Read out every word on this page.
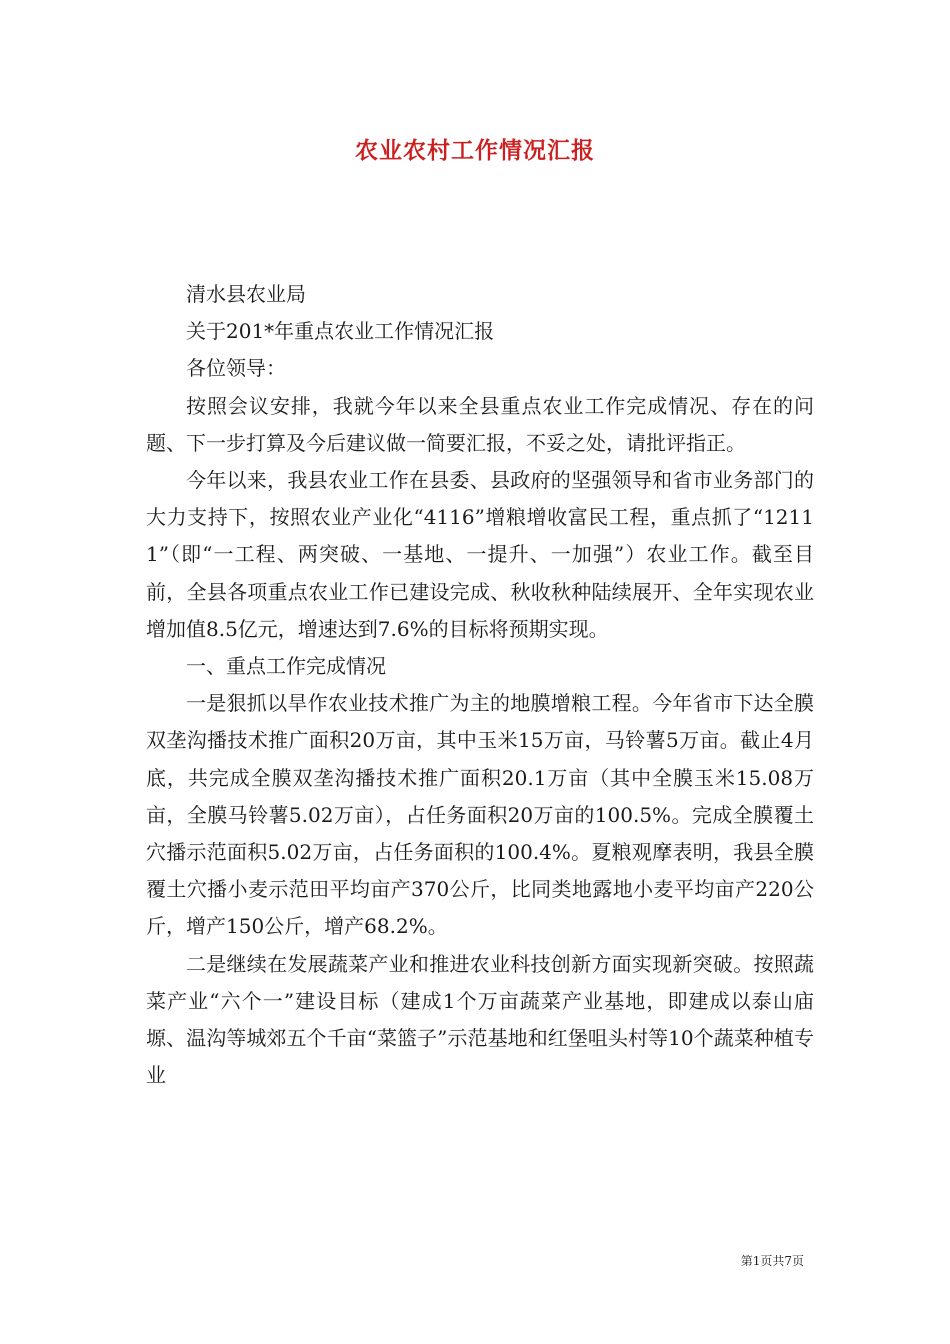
农业农村工作情况汇报

清水县农业局

关于201*年重点农业工作情况汇报

各位领导：

按照会议安排，我就今年以来全县重点农业工作完成情况、存在的问题、下一步打算及今后建议做一简要汇报，不妥之处，请批评指正。

今年以来，我县农业工作在县委、县政府的坚强领导和省市业务部门的大力支持下，按照农业产业化“4116”增粮增收富民工程，重点抓了“12111”（即“一工程、两突破、一基地、一提升、一加强”）农业工作。截至目前，全县各项重点农业工作已建设完成、秋收秋种陆续展开、全年实现农业增加值8.5亿元，增速达到7.6%的目标将预期实现。

一、重点工作完成情况

一是狠抓以旱作农业技术推广为主的地膜增粮工程。今年省市下达全膜双垄沟播技术推广面积20万亩，其中玉米15万亩，马铃薯5万亩。截止4月底，共完成全膜双垄沟播技术推广面积20.1万亩（其中全膜玉米15.08万亩，全膜马铃薯5.02万亩），占任务面积20万亩的100.5%。完成全膜覆土穴播示范面积5.02万亩，占任务面积的100.4%。夏粮观摩表明，我县全膜覆土穴播小麦示范田平均亩产370公斤，比同类地露地小麦平均亩产220公斤，增产150公斤，增产68.2%。

二是继续在发展蔬菜产业和推进农业科技创新方面实现新突破。按照蔬菜产业“六个一”建设目标（建成1个万亩蔬菜产业基地，即建成以泰山庙塬、温沟等城郊五个千亩“菜篮子”示范基地和红堡咀头村等10个蔬菜种植专业

第1页共7页
